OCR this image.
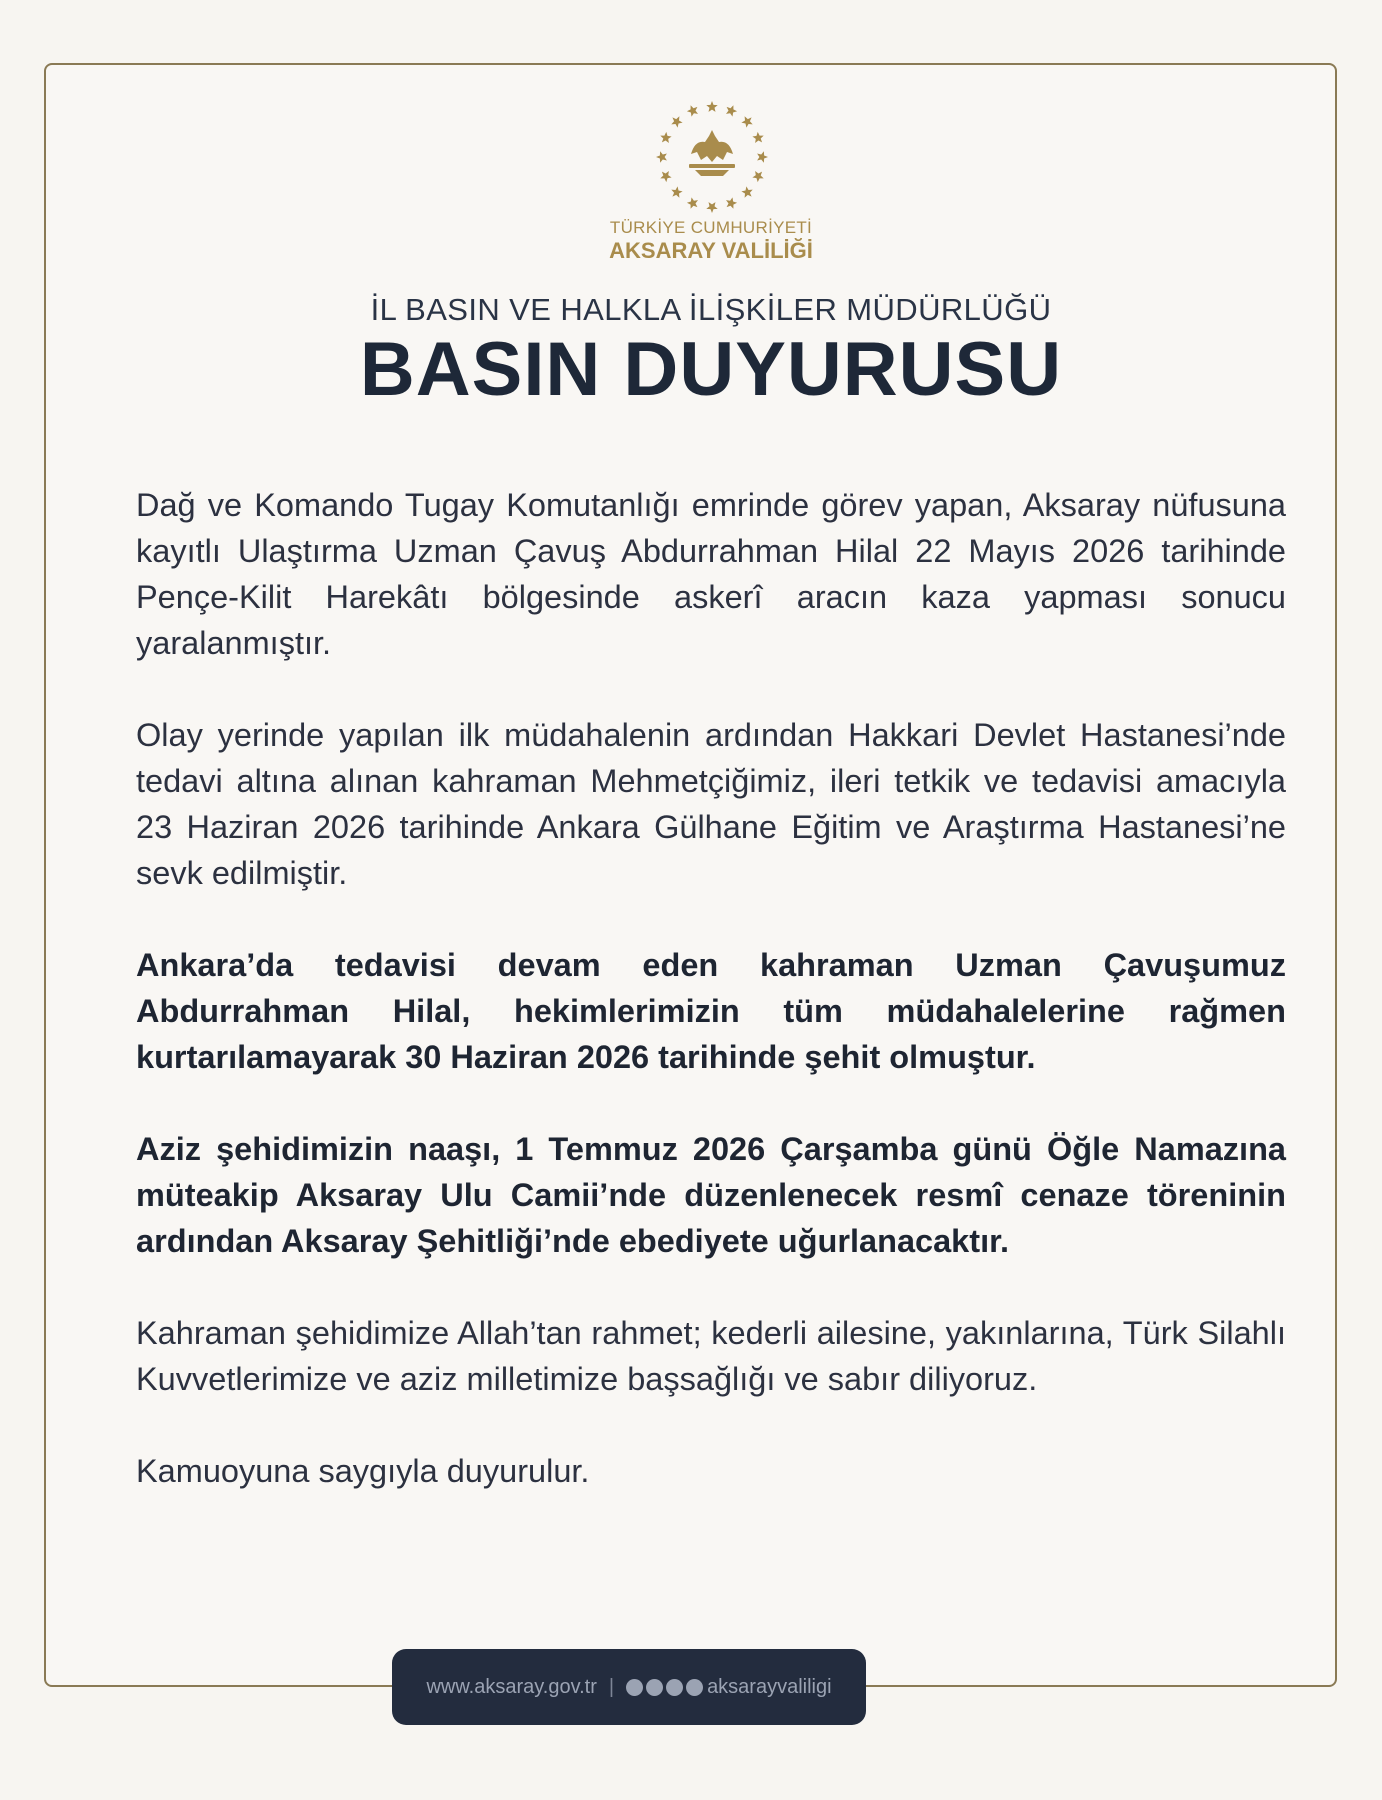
TÜRKİYE CUMHURİYETİ
AKSARAY VALİLİĞİ
İL BASIN VE HALKLA İLİŞKİLER MÜDÜRLÜĞÜ
BASIN DUYURUSU

Dağ ve Komando Tugay Komutanlığı emrinde görev yapan, Aksaray nüfusuna kayıtlı Ulaştırma Uzman Çavuş Abdurrahman Hilal 22 Mayıs 2026 tarihinde Pençe-Kilit Harekâtı bölgesinde askerî aracın kaza yapması sonucu yaralanmıştır.

Olay yerinde yapılan ilk müdahalenin ardından Hakkari Devlet Hastanesi’nde tedavi altına alınan kahraman Mehmetçiğimiz, ileri tetkik ve tedavisi amacıyla 23 Haziran 2026 tarihinde Ankara Gülhane Eğitim ve Araştırma Hastanesi’ne sevk edilmiştir.

Ankara’da tedavisi devam eden kahraman Uzman Çavuşumuz Abdurrahman Hilal, hekimlerimizin tüm müdahalelerine rağmen kurtarılamayarak 30 Haziran 2026 tarihinde şehit olmuştur.

Aziz şehidimizin naaşı, 1 Temmuz 2026 Çarşamba günü Öğle Namazına müteakip Aksaray Ulu Camii’nde düzenlenecek resmî cenaze töreninin ardından Aksaray Şehitliği’nde ebediyete uğurlanacaktır.

Kahraman şehidimize Allah’tan rahmet; kederli ailesine, yakınlarına, Türk Silahlı Kuvvetlerimize ve aziz milletimize başsağlığı ve sabır diliyoruz.

Kamuoyuna saygıyla duyurulur.

www.aksaray.gov.tr |	aksarayvaliligi
